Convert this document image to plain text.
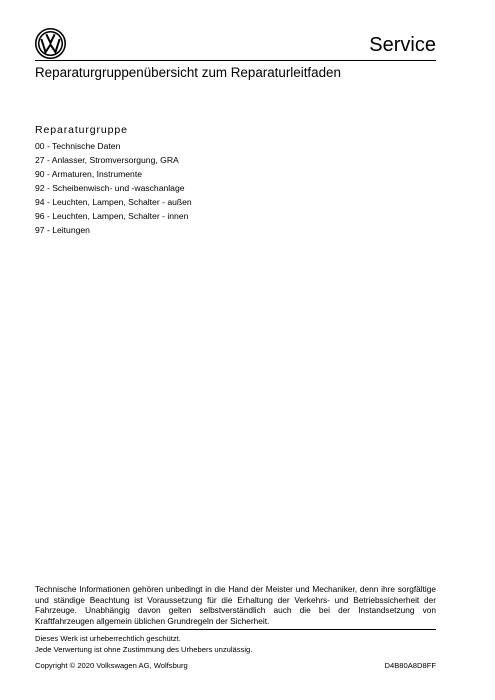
Service
Reparaturgruppenübersicht zum Reparaturleitfaden
Reparaturgruppe
00 - Technische Daten
27 - Anlasser, Stromversorgung, GRA
90 - Armaturen, Instrumente
92 - Scheibenwisch- und -waschanlage
94 - Leuchten, Lampen, Schalter - außen
96 - Leuchten, Lampen, Schalter - innen
97 - Leitungen
Technische Informationen gehören unbedingt in die Hand der Meister und Mechaniker, denn ihre sorgfältige und ständige Beachtung ist Voraussetzung für die Erhaltung der Verkehrs- und Betriebssicherheit der Fahrzeuge. Unabhängig davon gelten selbstverständlich auch die bei der Instandsetzung von Kraftfahrzeugen allgemein üblichen Grundregeln der Sicherheit.
Dieses Werk ist urheberrechtlich geschützt.
Jede Verwertung ist ohne Zustimmung des Urhebers unzulässig.
Copyright © 2020 Volkswagen AG, Wolfsburg	D4B80A8D8FF
